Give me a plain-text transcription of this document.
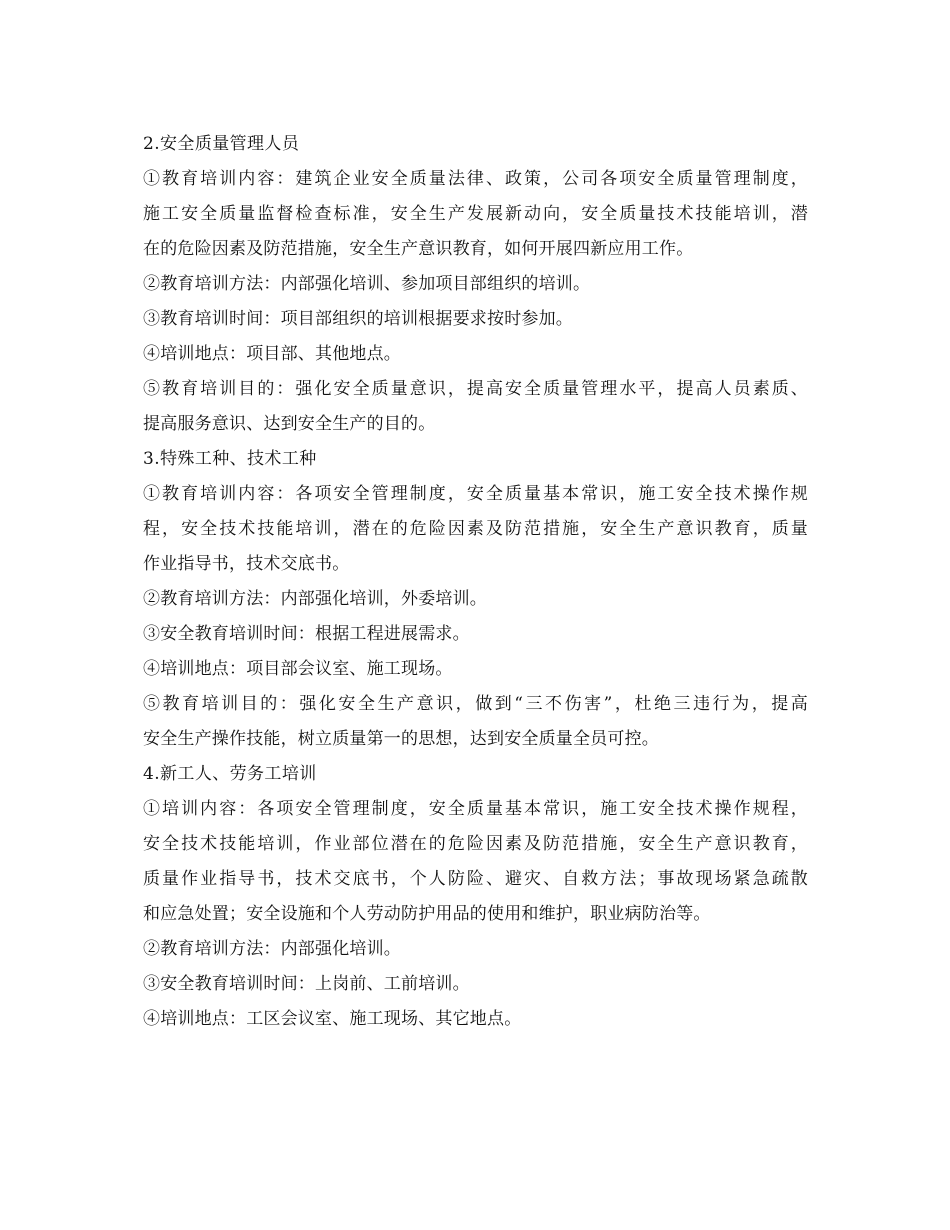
2.安全质量管理人员
①教育培训内容：建筑企业安全质量法律、政策，公司各项安全质量管理制度，
施工安全质量监督检查标准，安全生产发展新动向，安全质量技术技能培训，潜
在的危险因素及防范措施，安全生产意识教育，如何开展四新应用工作。
②教育培训方法：内部强化培训、参加项目部组织的培训。
③教育培训时间：项目部组织的培训根据要求按时参加。
④培训地点：项目部、其他地点。
⑤教育培训目的：强化安全质量意识，提高安全质量管理水平，提高人员素质、
提高服务意识、达到安全生产的目的。
3.特殊工种、技术工种
①教育培训内容：各项安全管理制度，安全质量基本常识，施工安全技术操作规
程，安全技术技能培训，潜在的危险因素及防范措施，安全生产意识教育，质量
作业指导书，技术交底书。
②教育培训方法：内部强化培训，外委培训。
③安全教育培训时间：根据工程进展需求。
④培训地点：项目部会议室、施工现场。
⑤教育培训目的：强化安全生产意识，做到“三不伤害”，杜绝三违行为，提高
安全生产操作技能，树立质量第一的思想，达到安全质量全员可控。
4.新工人、劳务工培训
①培训内容：各项安全管理制度，安全质量基本常识，施工安全技术操作规程，
安全技术技能培训，作业部位潜在的危险因素及防范措施，安全生产意识教育，
质量作业指导书，技术交底书，个人防险、避灾、自救方法；事故现场紧急疏散
和应急处置；安全设施和个人劳动防护用品的使用和维护，职业病防治等。
②教育培训方法：内部强化培训。
③安全教育培训时间：上岗前、工前培训。
④培训地点：工区会议室、施工现场、其它地点。
